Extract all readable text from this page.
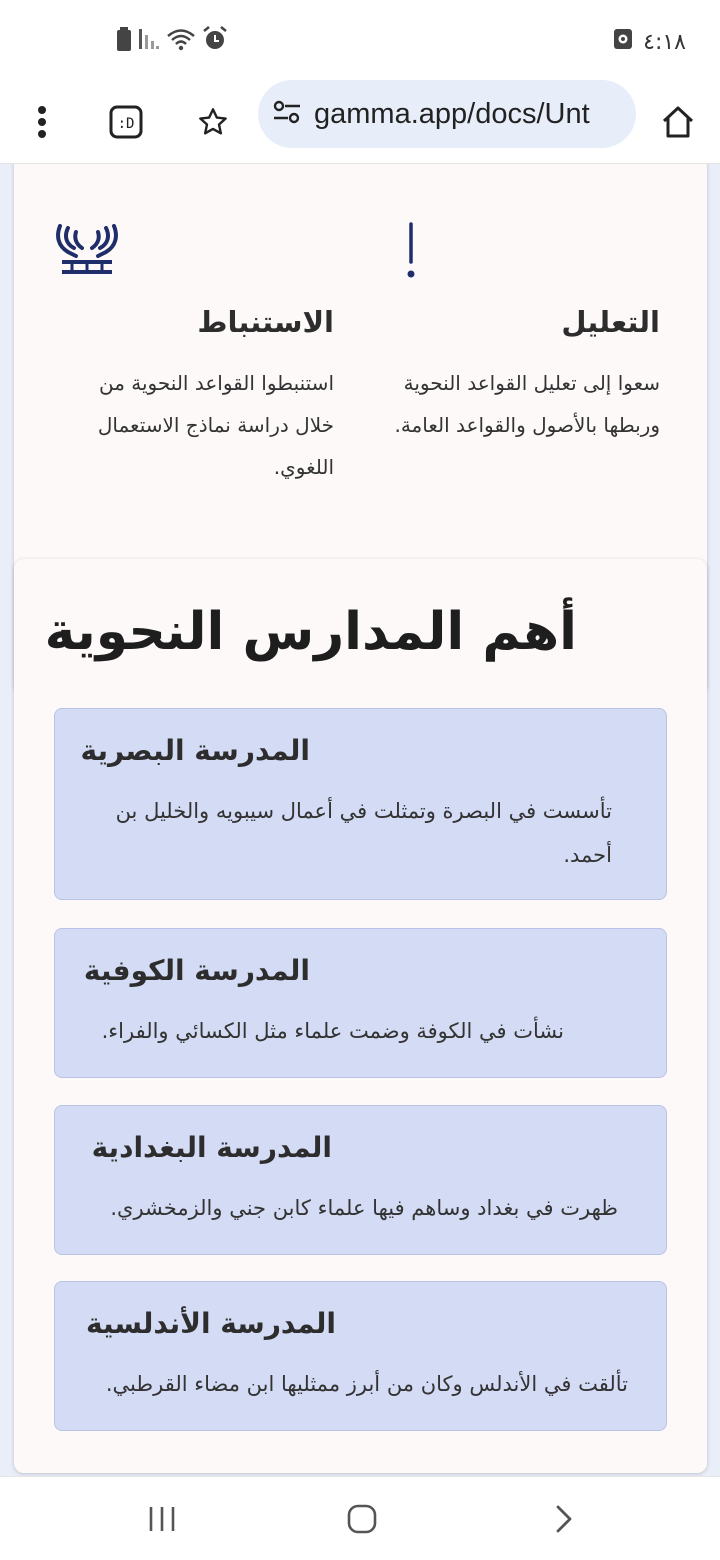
٤:١٨
:D	gamma.app/docs/Unt
الاستنباط

استنبطوا القواعد النحوية من خلال دراسة نماذج الاستعمال اللغوي.

التعليل

سعوا إلى تعليل القواعد النحوية وربطها بالأصول والقواعد العامة.

أهم المدارس النحوية
المدرسة البصرية

تأسست في البصرة وتمثلت في أعمال سيبويه والخليل بن أحمد.

المدرسة الكوفية

نشأت في الكوفة وضمت علماء مثل الكسائي والفراء.

المدرسة البغدادية

ظهرت في بغداد وساهم فيها علماء كابن جني والزمخشري.

المدرسة الأندلسية

تألقت في الأندلس وكان من أبرز ممثليها ابن مضاء القرطبي.
